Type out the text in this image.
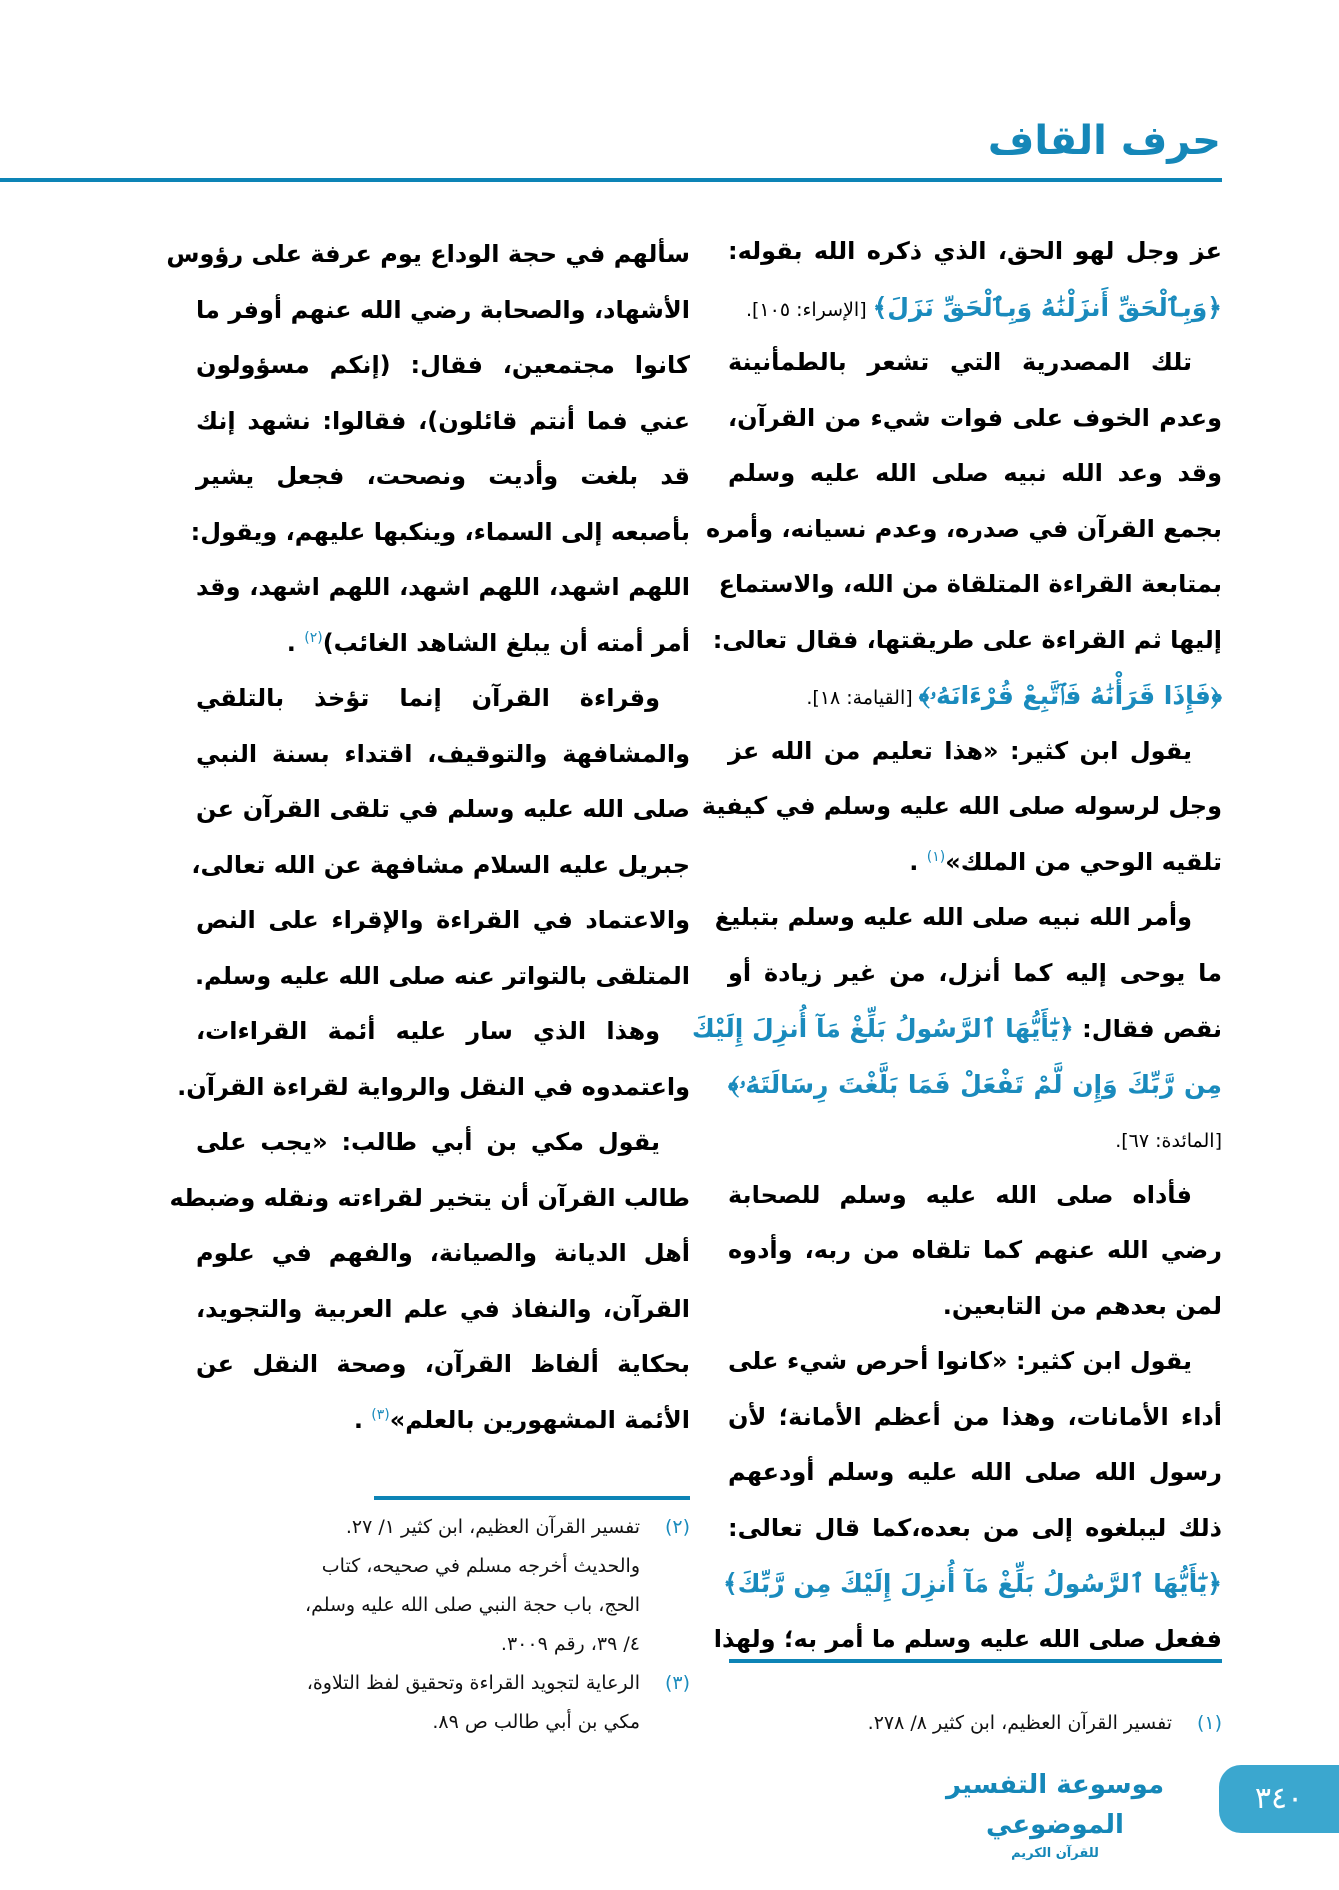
حرف القاف
عز وجل لهو الحق، الذي ذكره الله بقوله:
﴿وَبِٱلْحَقِّ أَنزَلْنَٰهُ وَبِٱلْحَقِّ نَزَلَ﴾ [الإسراء: ١٠٥].
تلك المصدرية التي تشعر بالطمأنينة
وعدم الخوف على فوات شيء من القرآن،
وقد وعد الله نبيه صلى الله عليه وسلم
بجمع القرآن في صدره، وعدم نسيانه، وأمره
بمتابعة القراءة المتلقاة من الله، والاستماع
إليها ثم القراءة على طريقتها، فقال تعالى:
﴿فَإِذَا قَرَأْنَٰهُ فَٱتَّبِعْ قُرْءَانَهُۥ﴾ [القيامة: ١٨].
يقول ابن كثير: «هذا تعليم من الله عز
وجل لرسوله صلى الله عليه وسلم في كيفية
تلقيه الوحي من الملك»$^{(١)}$ .
وأمر الله نبيه صلى الله عليه وسلم بتبليغ
ما يوحى إليه كما أنزل، من غير زيادة أو
نقص فقال: ﴿يَٰٓأَيُّهَا ٱلرَّسُولُ بَلِّغْ مَآ أُنزِلَ إِلَيْكَ
مِن رَّبِّكَ وَإِن لَّمْ تَفْعَلْ فَمَا بَلَّغْتَ رِسَالَتَهُۥ﴾
[المائدة: ٦٧].
فأداه صلى الله عليه وسلم للصحابة
رضي الله عنهم كما تلقاه من ربه، وأدوه
لمن بعدهم من التابعين.
يقول ابن كثير: «كانوا أحرص شيء على
أداء الأمانات، وهذا من أعظم الأمانة؛ لأن
رسول الله صلى الله عليه وسلم أودعهم
ذلك ليبلغوه إلى من بعده،كما قال تعالى:
﴿يَٰٓأَيُّهَا ٱلرَّسُولُ بَلِّغْ مَآ أُنزِلَ إِلَيْكَ مِن رَّبِّكَ﴾
ففعل صلى الله عليه وسلم ما أمر به؛ ولهذا
سألهم في حجة الوداع يوم عرفة على رؤوس
الأشهاد، والصحابة رضي الله عنهم أوفر ما
كانوا مجتمعين، فقال: (إنكم مسؤولون
عني فما أنتم قائلون)، فقالوا: نشهد إنك
قد بلغت وأديت ونصحت، فجعل يشير
بأصبعه إلى السماء، وينكبها عليهم، ويقول:
اللهم اشهد، اللهم اشهد، اللهم اشهد، وقد
أمر أمته أن يبلغ الشاهد الغائب)$^{(٢)}$ .
وقراءة القرآن إنما تؤخذ بالتلقي
والمشافهة والتوقيف، اقتداء بسنة النبي
صلى الله عليه وسلم في تلقى القرآن عن
جبريل عليه السلام مشافهة عن الله تعالى،
والاعتماد في القراءة والإقراء على النص
المتلقى بالتواتر عنه صلى الله عليه وسلم.
وهذا الذي سار عليه أئمة القراءات،
واعتمدوه في النقل والرواية لقراءة القرآن.
يقول مكي بن أبي طالب: «يجب على
طالب القرآن أن يتخير لقراءته ونقله وضبطه
أهل الديانة والصيانة، والفهم في علوم
القرآن، والنفاذ في علم العربية والتجويد،
بحكاية ألفاظ القرآن، وصحة النقل عن
الأئمة المشهورين بالعلم»$^{(٣)}$ .
(١)تفسير القرآن العظيم، ابن كثير ٨/ ٢٧٨.
(٢)تفسير القرآن العظيم، ابن كثير ١/ ٢٧.
والحديث أخرجه مسلم في صحيحه، كتاب
الحج، باب حجة النبي صلى الله عليه وسلم،
٤/ ٣٩، رقم ٣٠٠٩.
(٣)الرعاية لتجويد القراءة وتحقيق لفظ التلاوة،
مكي بن أبي طالب ص ٨٩.
موسوعة التفسير الموضوعي
للقرآن الكريم
٣٤٠
